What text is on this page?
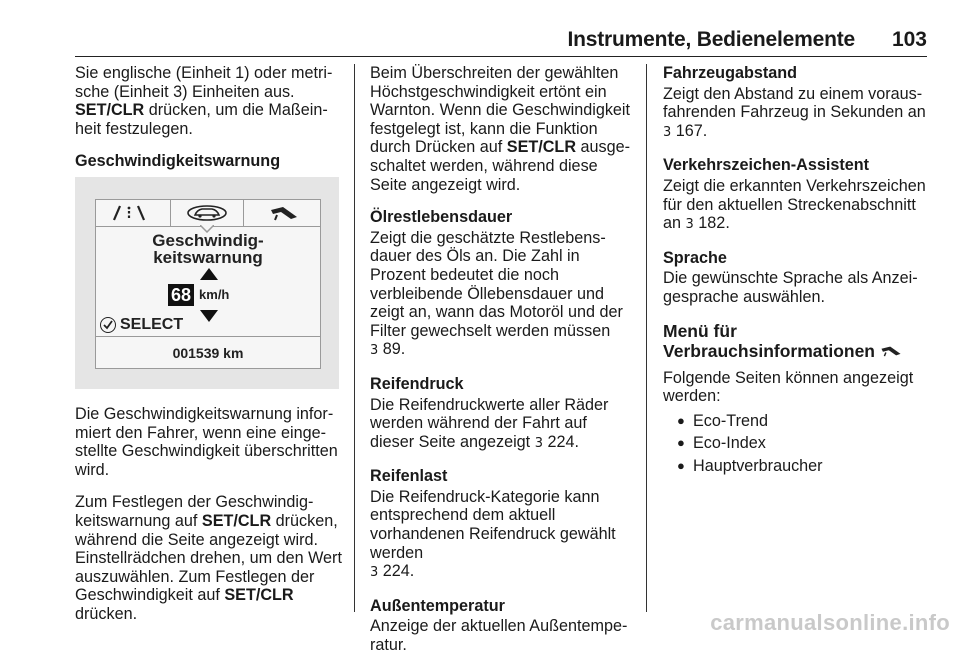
Instrumente, Bedienelemente 103

Sie englische (Einheit 1) oder metrische (Einheit 3) Einheiten aus.
SET/CLR drücken, um die Maßeinheit festzulegen.

Geschwindigkeitswarnung

Geschwindig-
keitswarnung
68 km/h
SELECT
001539 km

Die Geschwindigkeitswarnung informiert den Fahrer, wenn eine eingestellte Geschwindigkeit überschritten wird.

Zum Festlegen der Geschwindigkeitswarnung auf SET/CLR drücken, während die Seite angezeigt wird. Einstellrädchen drehen, um den Wert auszuwählen. Zum Festlegen der Geschwindigkeit auf SET/CLR
drücken.

Beim Überschreiten der gewählten Höchstgeschwindigkeit ertönt ein Warnton. Wenn die Geschwindigkeit festgelegt ist, kann die Funktion durch Drücken auf SET/CLR ausgeschaltet werden, während diese Seite angezeigt wird.

Ölrestlebensdauer

Zeigt die geschätzte Restlebensdauer des Öls an. Die Zahl in Prozent bedeutet die noch verbleibende Öllebensdauer und zeigt an, wann das Motoröl und der Filter gewechselt werden müssen 3 89.

Reifendruck

Die Reifendruckwerte aller Räder werden während der Fahrt auf dieser Seite angezeigt 3 224.

Reifenlast

Die Reifendruck-Kategorie kann entsprechend dem aktuell vorhandenen Reifendruck gewählt werden
3 224.

Außentemperatur

Anzeige der aktuellen Außentemperatur.

Fahrzeugabstand

Zeigt den Abstand zu einem vorausfahrenden Fahrzeug in Sekunden an
3 167.

Verkehrszeichen-Assistent

Zeigt die erkannten Verkehrszeichen für den aktuellen Streckenabschnitt an 3 182.

Sprache

Die gewünschte Sprache als Anzeigesprache auswählen.

Menü für
Verbrauchsinformationen

Folgende Seiten können angezeigt werden:

● Eco-Trend
● Eco-Index
● Hauptverbraucher
carmanualsonline.info
